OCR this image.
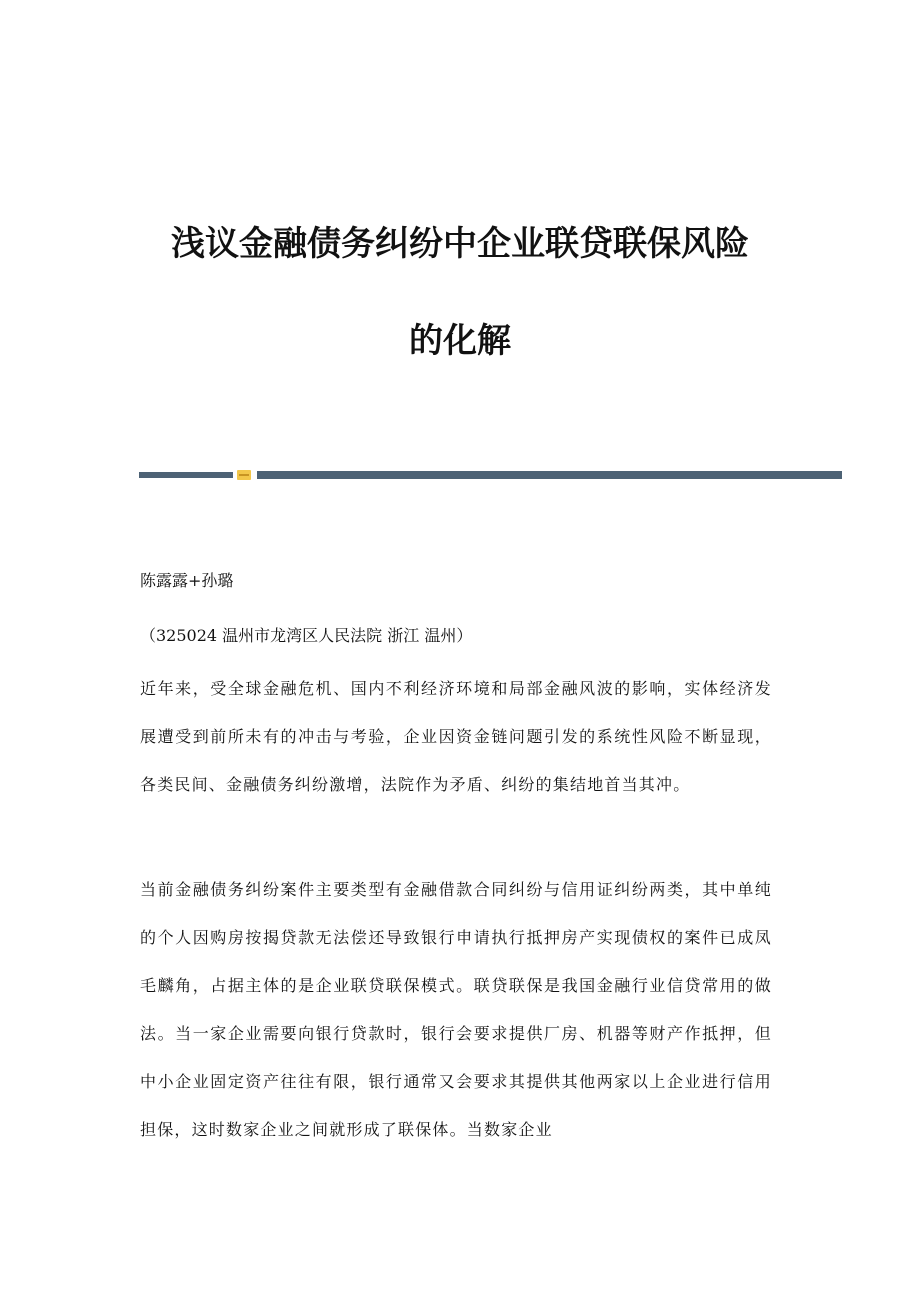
浅议金融债务纠纷中企业联贷联保风险
的化解

陈露露+孙璐

（325024 温州市龙湾区人民法院 浙江 温州）

近年来，受全球金融危机、国内不利经济环境和局部金融风波的影响，实体经济发展遭受到前所未有的冲击与考验，企业因资金链问题引发的系统性风险不断显现，各类民间、金融债务纠纷激增，法院作为矛盾、纠纷的集结地首当其冲。

当前金融债务纠纷案件主要类型有金融借款合同纠纷与信用证纠纷两类，其中单纯的个人因购房按揭贷款无法偿还导致银行申请执行抵押房产实现债权的案件已成凤毛麟角，占据主体的是企业联贷联保模式。联贷联保是我国金融行业信贷常用的做法。当一家企业需要向银行贷款时，银行会要求提供厂房、机器等财产作抵押，但中小企业固定资产往往有限，银行通常又会要求其提供其他两家以上企业进行信用担保，这时数家企业之间就形成了联保体。当数家企业
